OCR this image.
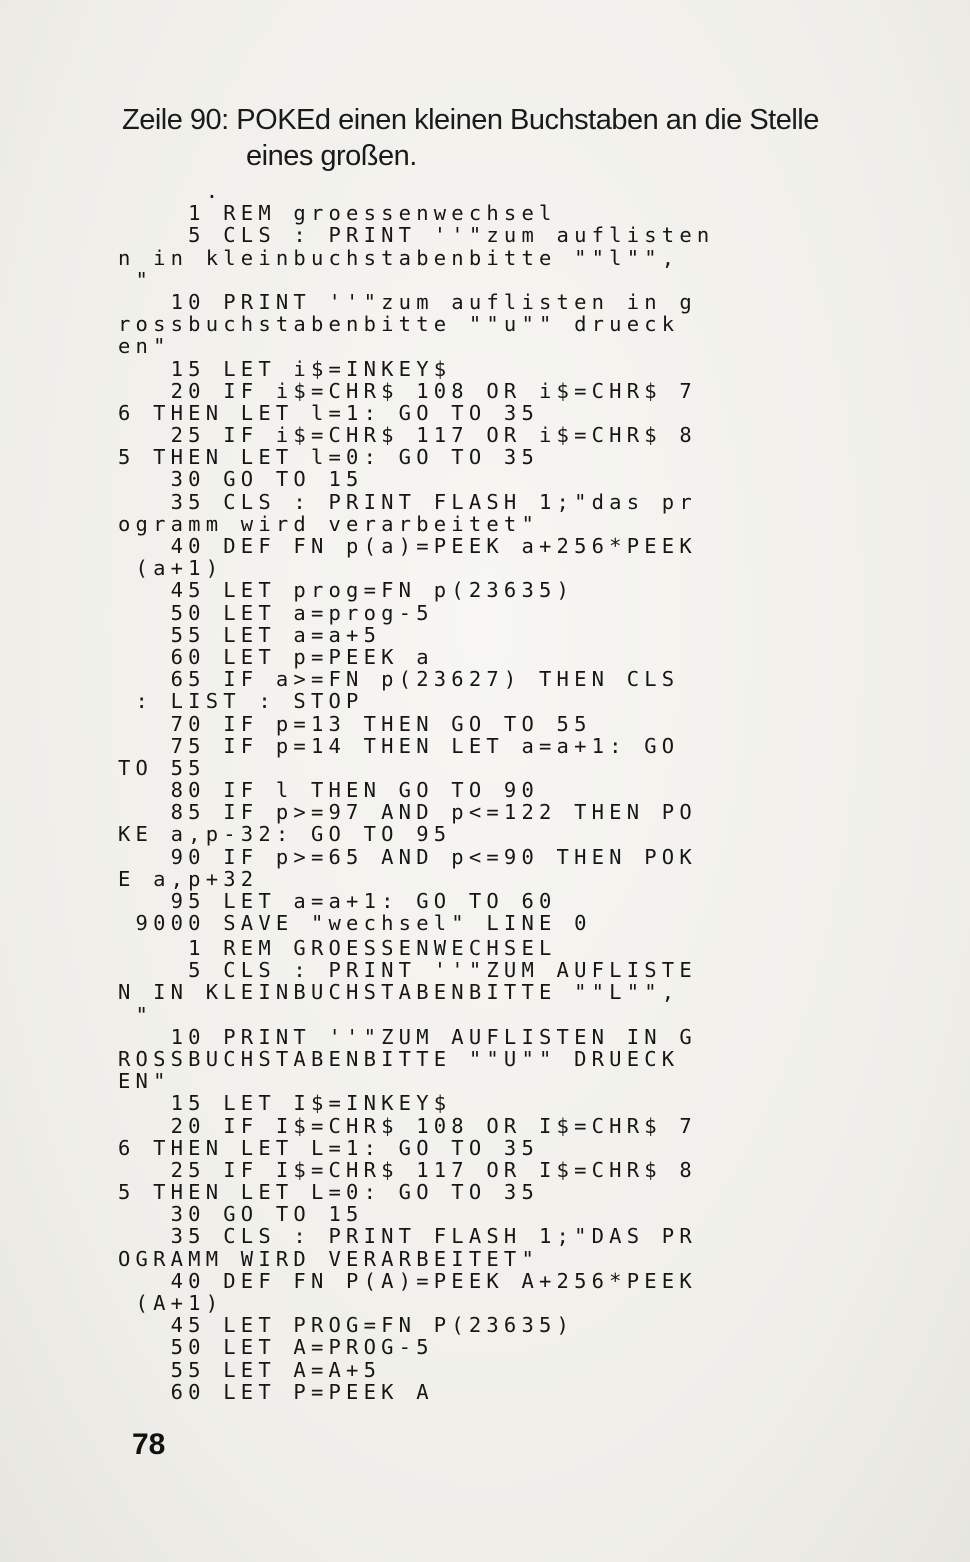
Zeile 90: POKEd einen kleinen Buchstaben an die Stelle
eines großen.
.
1 REM groessenwechsel
5 CLS : PRINT ''"zum auflisten
n in kleinbuchstabenbitte ""l"",
"
10 PRINT ''"zum auflisten in g
rossbuchstabenbitte ""u"" drueck
en"
15 LET i$=INKEY$
20 IF i$=CHR$ 108 OR i$=CHR$ 7
6 THEN LET l=1: GO TO 35
25 IF i$=CHR$ 117 OR i$=CHR$ 8
5 THEN LET l=0: GO TO 35
30 GO TO 15
35 CLS : PRINT FLASH 1;"das pr
ogramm wird verarbeitet"
40 DEF FN p(a)=PEEK a+256*PEEK
(a+1)
45 LET prog=FN p(23635)
50 LET a=prog-5
55 LET a=a+5
60 LET p=PEEK a
65 IF a>=FN p(23627) THEN CLS
: LIST : STOP
70 IF p=13 THEN GO TO 55
75 IF p=14 THEN LET a=a+1: GO
TO 55
80 IF l THEN GO TO 90
85 IF p>=97 AND p<=122 THEN PO
KE a,p-32: GO TO 95
90 IF p>=65 AND p<=90 THEN POK
E a,p+32
95 LET a=a+1: GO TO 60
9000 SAVE "wechsel" LINE 0
1 REM GROESSENWECHSEL
5 CLS : PRINT ''"ZUM AUFLISTE
N IN KLEINBUCHSTABENBITTE ""L"",
"
10 PRINT ''"ZUM AUFLISTEN IN G
ROSSBUCHSTABENBITTE ""U"" DRUECK
EN"
15 LET I$=INKEY$
20 IF I$=CHR$ 108 OR I$=CHR$ 7
6 THEN LET L=1: GO TO 35
25 IF I$=CHR$ 117 OR I$=CHR$ 8
5 THEN LET L=0: GO TO 35
30 GO TO 15
35 CLS : PRINT FLASH 1;"DAS PR
OGRAMM WIRD VERARBEITET"
40 DEF FN P(A)=PEEK A+256*PEEK
(A+1)
45 LET PROG=FN P(23635)
50 LET A=PROG-5
55 LET A=A+5
60 LET P=PEEK A
78
